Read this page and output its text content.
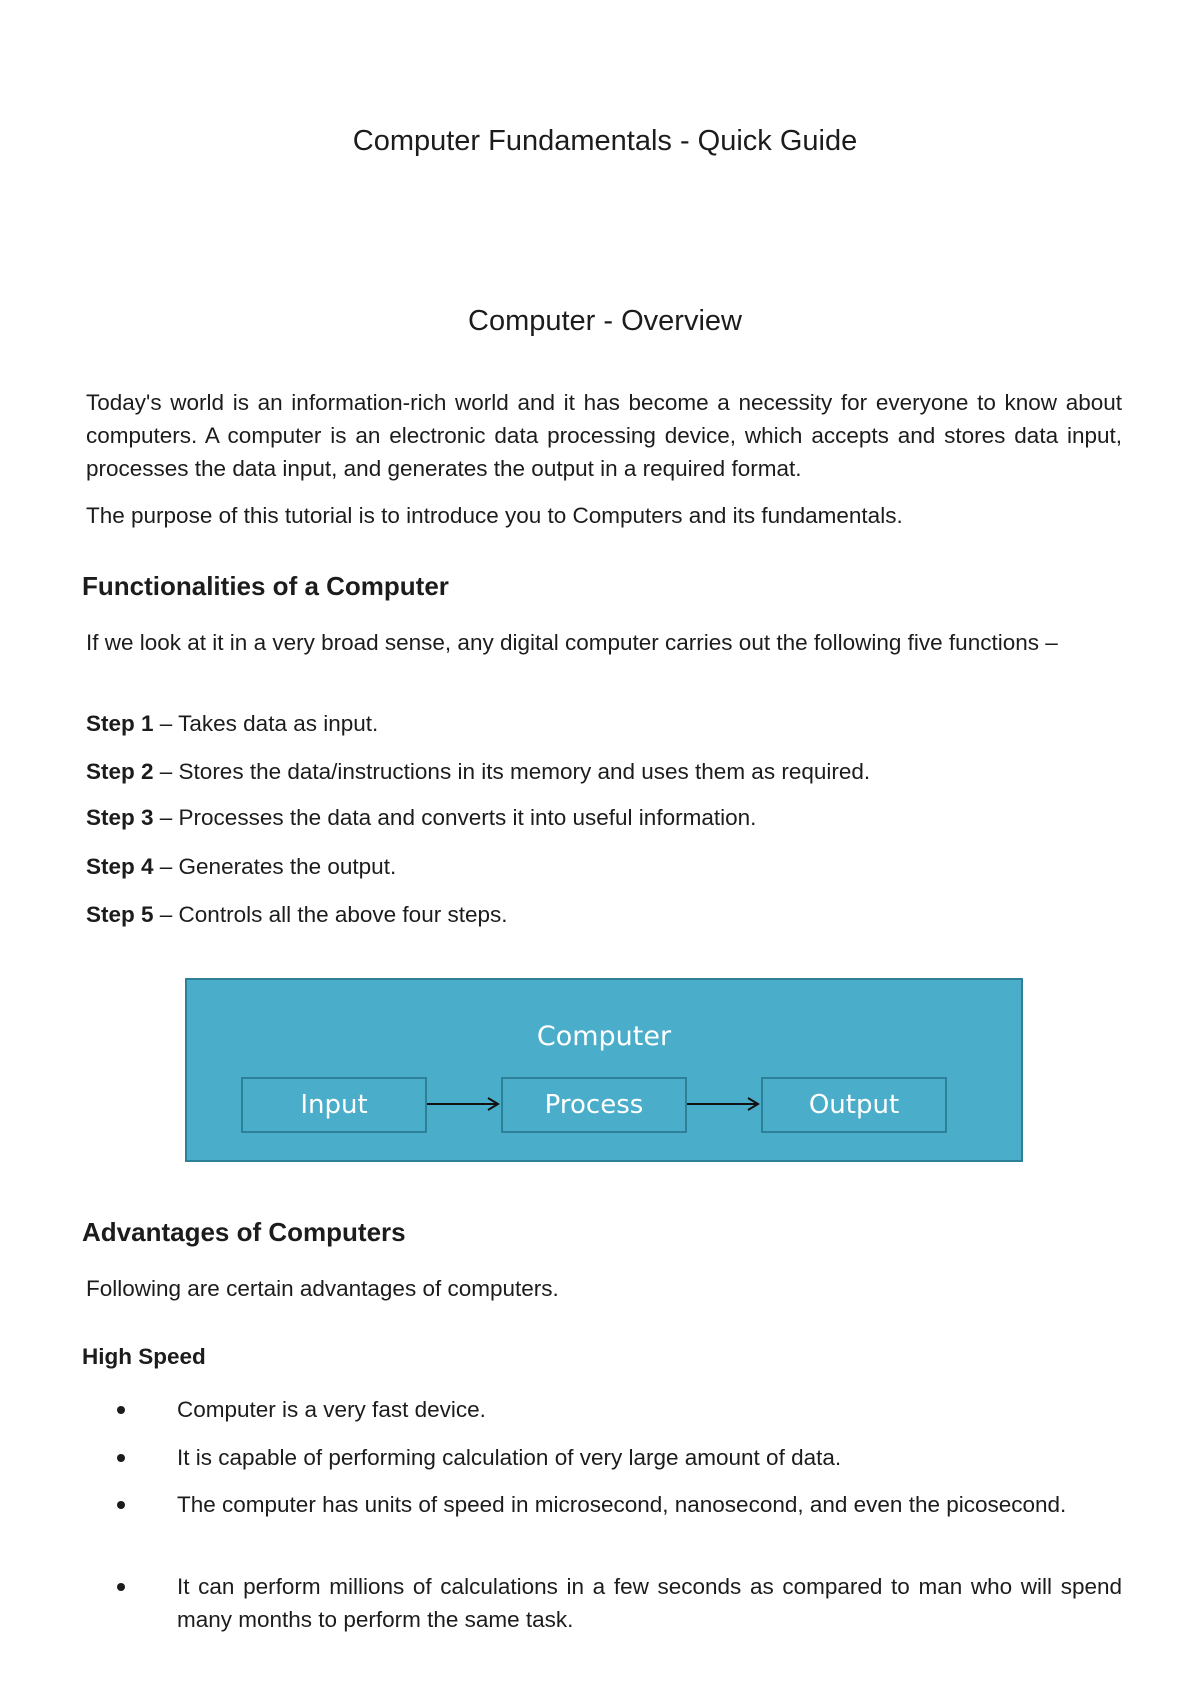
Computer Fundamentals - Quick Guide
Computer - Overview

Today's world is an information-rich world and it has become a necessity for everyone to know about computers. A computer is an electronic data processing device, which accepts and stores data input, processes the data input, and generates the output in a required format.

The purpose of this tutorial is to introduce you to Computers and its fundamentals.

Functionalities of a Computer

If we look at it in a very broad sense, any digital computer carries out the following five functions –

Step 1 – Takes data as input.

Step 2 – Stores the data/instructions in its memory and uses them as required.

Step 3 – Processes the data and converts it into useful information.

Step 4 – Generates the output.

Step 5 – Controls all the above four steps.

Computer
Input	Process	Output
Advantages of Computers

Following are certain advantages of computers.

High Speed
Computer is a very fast device.
It is capable of performing calculation of very large amount of data.
The computer has units of speed in microsecond, nanosecond, and even the picosecond.
It can perform millions of calculations in a few seconds as compared to man who will spend many months to perform the same task.
